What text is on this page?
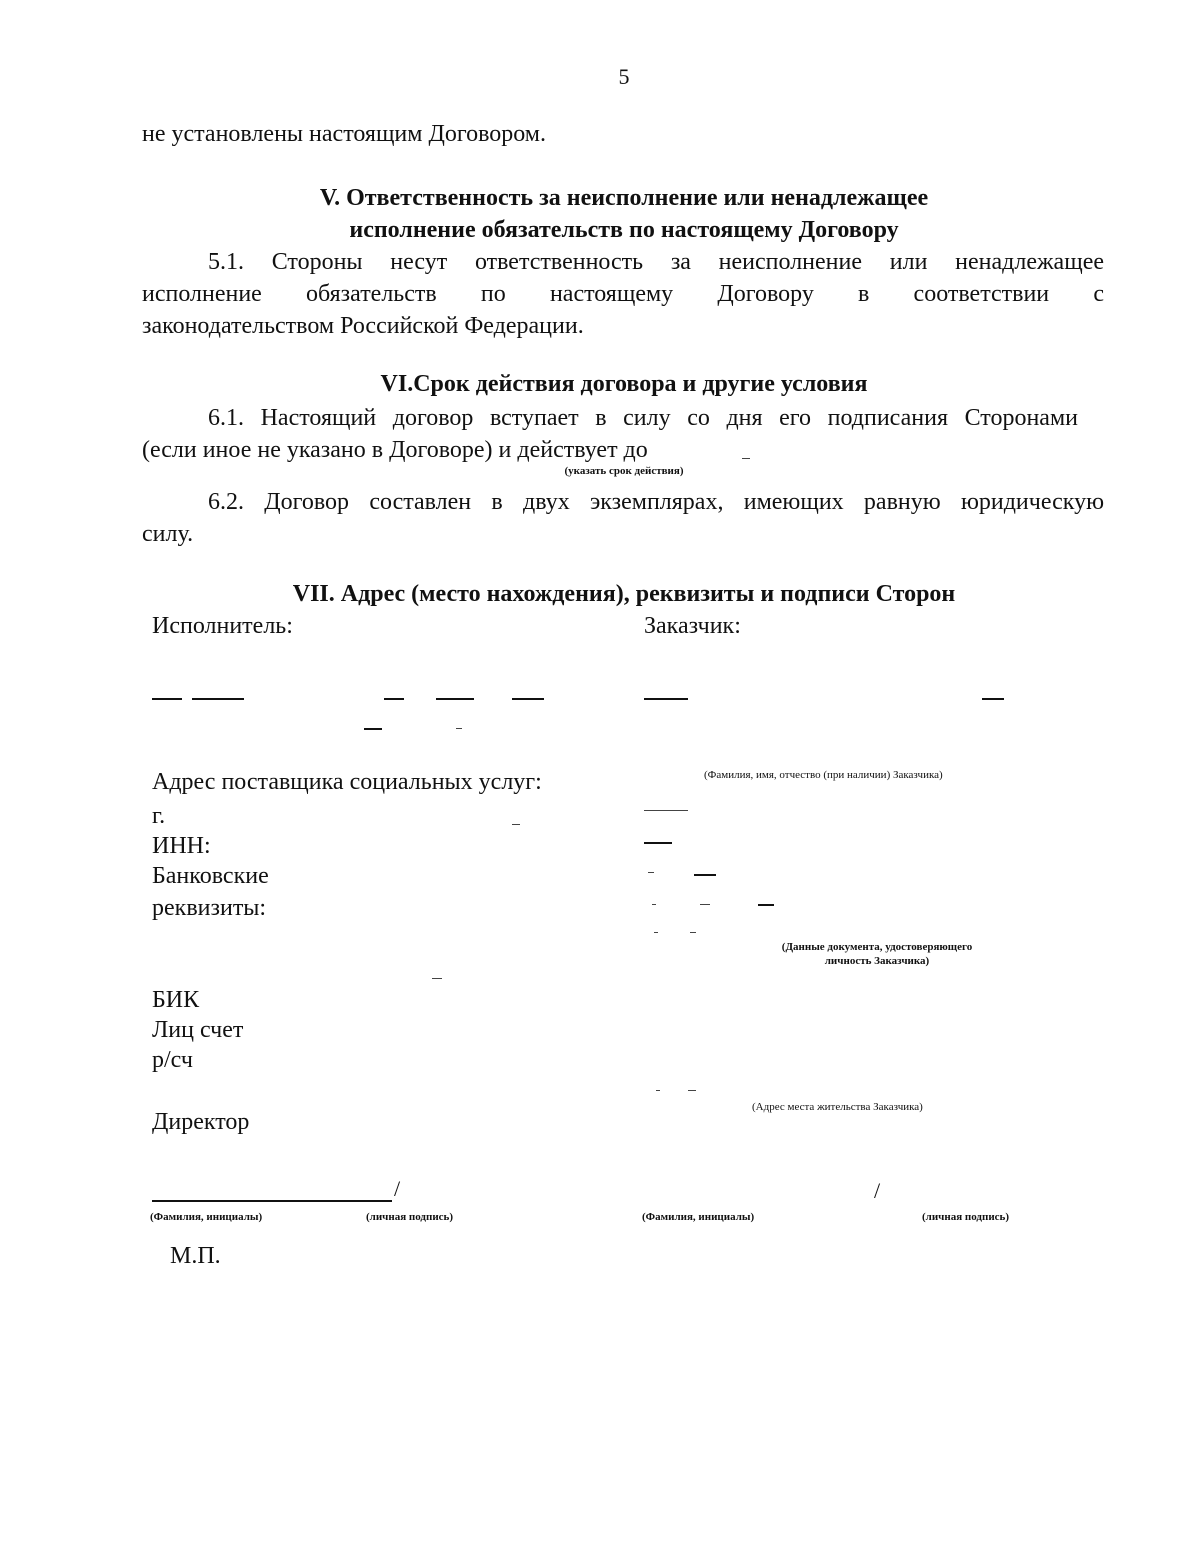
5
не установлены настоящим Договором.
V. Ответственность за неисполнение или ненадлежащее
исполнение обязательств по настоящему Договору
5.1. Стороны несут ответственность за неисполнение или ненадлежащее
исполнение обязательств по настоящему Договору в соответствии с
законодательством Российской Федерации.
VI.Срок действия договора и другие условия
6.1. Настоящий договор вступает в силу со дня его подписания Сторонами
(если иное не указано в Договоре) и действует до
(указать срок действия)
6.2. Договор составлен в двух экземплярах, имеющих равную юридическую
силу.
VII. Адрес (место нахождения), реквизиты и подписи Сторон
Исполнитель:	Заказчик:
Адрес поставщика социальных услуг:
г.
ИНН:
Банковские
реквизиты:
БИК
Лиц счет
р/сч
Директор
(Фамилия, имя, отчество (при наличии) Заказчика)
(Данные документа, удостоверяющего
личность Заказчика)
(Адрес места жительства Заказчика)
/	/
(Фамилия, инициалы)	(личная подпись)	(Фамилия, инициалы)	(личная подпись)
М.П.
